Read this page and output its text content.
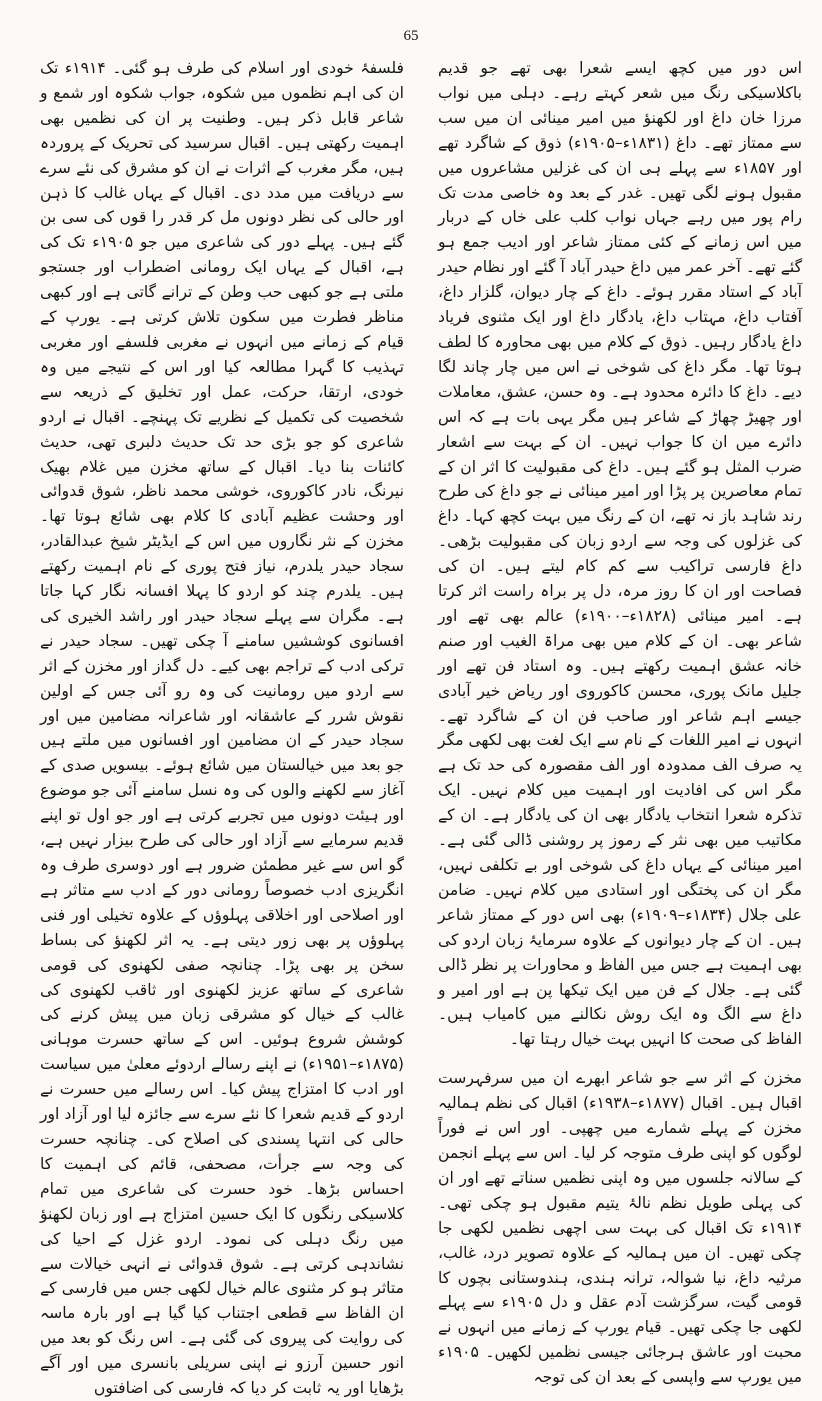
65

اس دور میں کچھ ایسے شعرا بھی تھے جو قدیم باکلاسیکی رنگ میں شعر کہتے رہے۔ دہلی میں نواب مرزا خان داغ اور لکھنؤ میں امیر مینائی ان میں سب سے ممتاز تھے۔ داغ (۱۸۳۱ء–۱۹۰۵ء) ذوق کے شاگرد تھے اور ۱۸۵۷ء سے پہلے ہی ان کی غزلیں مشاعروں میں مقبول ہونے لگی تھیں۔ غدر کے بعد وہ خاصی مدت تک رام پور میں رہے جہاں نواب کلب علی خاں کے دربار میں اس زمانے کے کئی ممتاز شاعر اور ادیب جمع ہو گئے تھے۔ آخر عمر میں داغ حیدر آباد آ گئے اور نظام حیدر آباد کے استاد مقرر ہوئے۔ داغ کے چار دیوان، گلزار داغ، آفتاب داغ، مہتاب داغ، یادگار داغ اور ایک مثنوی فریاد داغ یادگار رہیں۔ ذوق کے کلام میں بھی محاورہ کا لطف ہوتا تھا۔ مگر داغ کی شوخی نے اس میں چار چاند لگا دیے۔ داغ کا دائرہ محدود ہے۔ وہ حسن، عشق، معاملات اور چھیڑ چھاڑ کے شاعر ہیں مگر یہی بات ہے کہ اس دائرے میں ان کا جواب نہیں۔ ان کے بہت سے اشعار ضرب المثل ہو گئے ہیں۔ داغ کی مقبولیت کا اثر ان کے تمام معاصرین پر پڑا اور امیر مینائی نے جو داغ کی طرح رند شاہد باز نہ تھے، ان کے رنگ میں بہت کچھ کہا۔ داغ کی غزلوں کی وجہ سے اردو زبان کی مقبولیت بڑھی۔ داغ فارسی تراکیب سے کم کام لیتے ہیں۔ ان کی فصاحت اور ان کا روز مرہ، دل پر براہ راست اثر کرتا ہے۔ امیر مینائی (۱۸۲۸ء–۱۹۰۰ء) عالم بھی تھے اور شاعر بھی۔ ان کے کلام میں بھی مراۃ الغیب اور صنم خانہ عشق اہمیت رکھتے ہیں۔ وہ استاد فن تھے اور جلیل مانک پوری، محسن کاکوروی اور ریاض خیر آبادی جیسے اہم شاعر اور صاحب فن ان کے شاگرد تھے۔ انہوں نے امیر اللغات کے نام سے ایک لغت بھی لکھی مگر یہ صرف الف ممدودہ اور الف مقصورہ کی حد تک ہے مگر اس کی افادیت اور اہمیت میں کلام نہیں۔ ایک تذکرہ شعرا انتخاب یادگار بھی ان کی یادگار ہے۔ ان کے مکاتیب میں بھی نثر کے رموز پر روشنی ڈالی گئی ہے۔ امیر مینائی کے یہاں داغ کی شوخی اور بے تکلفی نہیں، مگر ان کی پختگی اور استادی میں کلام نہیں۔ ضامن علی جلال (۱۸۳۴ء–۱۹۰۹ء) بھی اس دور کے ممتاز شاعر ہیں۔ ان کے چار دیوانوں کے علاوہ سرمایۂ زبان اردو کی بھی اہمیت ہے جس میں الفاظ و محاورات پر نظر ڈالی گئی ہے۔ جلال کے فن میں ایک تیکھا پن ہے اور امیر و داغ سے الگ وہ ایک روش نکالنے میں کامیاب ہیں۔ الفاظ کی صحت کا انہیں بہت خیال رہتا تھا۔

مخزن کے اثر سے جو شاعر ابھرے ان میں سرفہرست اقبال ہیں۔ اقبال (۱۸۷۷ء–۱۹۳۸ء) اقبال کی نظم ہمالیہ مخزن کے پہلے شمارے میں چھپی۔ اور اس نے فوراً لوگوں کو اپنی طرف متوجہ کر لیا۔ اس سے پہلے انجمن کے سالانہ جلسوں میں وہ اپنی نظمیں سناتے تھے اور ان کی پہلی طویل نظم نالۂ یتیم مقبول ہو چکی تھی۔ ۱۹۱۴ء تک اقبال کی بہت سی اچھی نظمیں لکھی جا چکی تھیں۔ ان میں ہمالیہ کے علاوہ تصویر درد، غالب، مرثیہ داغ، نیا شوالہ، ترانہ ہندی، ہندوستانی بچوں کا قومی گیت، سرگزشت آدم عقل و دل ۱۹۰۵ء سے پہلے لکھی جا چکی تھیں۔ قیام یورپ کے زمانے میں انہوں نے محبت اور عاشق ہرجائی جیسی نظمیں لکھیں۔ ۱۹۰۵ء میں یورپ سے واپسی کے بعد ان کی توجہ

فلسفۂ خودی اور اسلام کی طرف ہو گئی۔ ۱۹۱۴ء تک ان کی اہم نظموں میں شکوہ، جواب شکوہ اور شمع و شاعر قابل ذکر ہیں۔ وطنیت پر ان کی نظمیں بھی اہمیت رکھتی ہیں۔ اقبال سرسید کی تحریک کے پروردہ ہیں، مگر مغرب کے اثرات نے ان کو مشرق کی نئے سرے سے دریافت میں مدد دی۔ اقبال کے یہاں غالب کا ذہن اور حالی کی نظر دونوں مل کر قدر را قوں کی سی بن گئے ہیں۔ پہلے دور کی شاعری میں جو ۱۹۰۵ء تک کی ہے، اقبال کے یہاں ایک رومانی اضطراب اور جستجو ملتی ہے جو کبھی حب وطن کے ترانے گاتی ہے اور کبھی مناظر فطرت میں سکون تلاش کرتی ہے۔ یورپ کے قیام کے زمانے میں انہوں نے مغربی فلسفے اور مغربی تہذیب کا گہرا مطالعہ کیا اور اس کے نتیجے میں وہ خودی، ارتقا، حرکت، عمل اور تخلیق کے ذریعہ سے شخصیت کی تکمیل کے نظریے تک پہنچے۔ اقبال نے اردو شاعری کو جو بڑی حد تک حدیث دلبری تھی، حدیث کائنات بنا دیا۔ اقبال کے ساتھ مخزن میں غلام بھیک نیرنگ، نادر کاکوروی، خوشی محمد ناظر، شوق قدوائی اور وحشت عظیم آبادی کا کلام بھی شائع ہوتا تھا۔ مخزن کے نثر نگاروں میں اس کے ایڈیٹر شیخ عبدالقادر، سجاد حیدر یلدرم، نیاز فتح پوری کے نام اہمیت رکھتے ہیں۔ یلدرم چند کو اردو کا پہلا افسانہ نگار کہا جاتا ہے۔ مگران سے پہلے سجاد حیدر اور راشد الخیری کی افسانوی کوششیں سامنے آ چکی تھیں۔ سجاد حیدر نے ترکی ادب کے تراجم بھی کیے۔ دل گداز اور مخزن کے اثر سے اردو میں رومانیت کی وہ رو آئی جس کے اولین نقوش شرر کے عاشقانہ اور شاعرانہ مضامین میں اور سجاد حیدر کے ان مضامین اور افسانوں میں ملتے ہیں جو بعد میں خیالستان میں شائع ہوئے۔ بیسویں صدی کے آغاز سے لکھنے والوں کی وہ نسل سامنے آئی جو موضوع اور ہیئت دونوں میں تجربے کرتی ہے اور جو اول تو اپنے قدیم سرمایے سے آزاد اور حالی کی طرح بیزار نہیں ہے، گو اس سے غیر مطمئن ضرور ہے اور دوسری طرف وہ انگریزی ادب خصوصاً رومانی دور کے ادب سے متاثر ہے اور اصلاحی اور اخلاقی پہلوؤں کے علاوہ تخیلی اور فنی پہلوؤں پر بھی زور دیتی ہے۔ یہ اثر لکھنؤ کی بساط سخن پر بھی پڑا۔ چنانچہ صفی لکھنوی کی قومی شاعری کے ساتھ عزیز لکھنوی اور ثاقب لکھنوی کی غالب کے خیال کو مشرقی زبان میں پیش کرنے کی کوشش شروع ہوئیں۔ اس کے ساتھ حسرت موہانی (۱۸۷۵ء–۱۹۵۱ء) نے اپنے رسالے اردوئے معلیٰ میں سیاست اور ادب کا امتزاج پیش کیا۔ اس رسالے میں حسرت نے اردو کے قدیم شعرا کا نئے سرے سے جائزہ لیا اور آزاد اور حالی کی انتہا پسندی کی اصلاح کی۔ چنانچہ حسرت کی وجہ سے جرأت، مصحفی، قائم کی اہمیت کا احساس بڑھا۔ خود حسرت کی شاعری میں تمام کلاسیکی رنگوں کا ایک حسین امتزاج ہے اور زبان لکھنؤ میں رنگ دہلی کی نمود۔ اردو غزل کے احیا کی نشاندہی کرتی ہے۔ شوق قدوائی نے انہی خیالات سے متاثر ہو کر مثنوی عالم خیال لکھی جس میں فارسی کے ان الفاظ سے قطعی اجتناب کیا گیا ہے اور بارہ ماسہ کی روایت کی پیروی کی گئی ہے۔ اس رنگ کو بعد میں انور حسین آرزو نے اپنی سریلی بانسری میں اور آگے بڑھایا اور یہ ثابت کر دیا کہ فارسی کی اضافتوں
